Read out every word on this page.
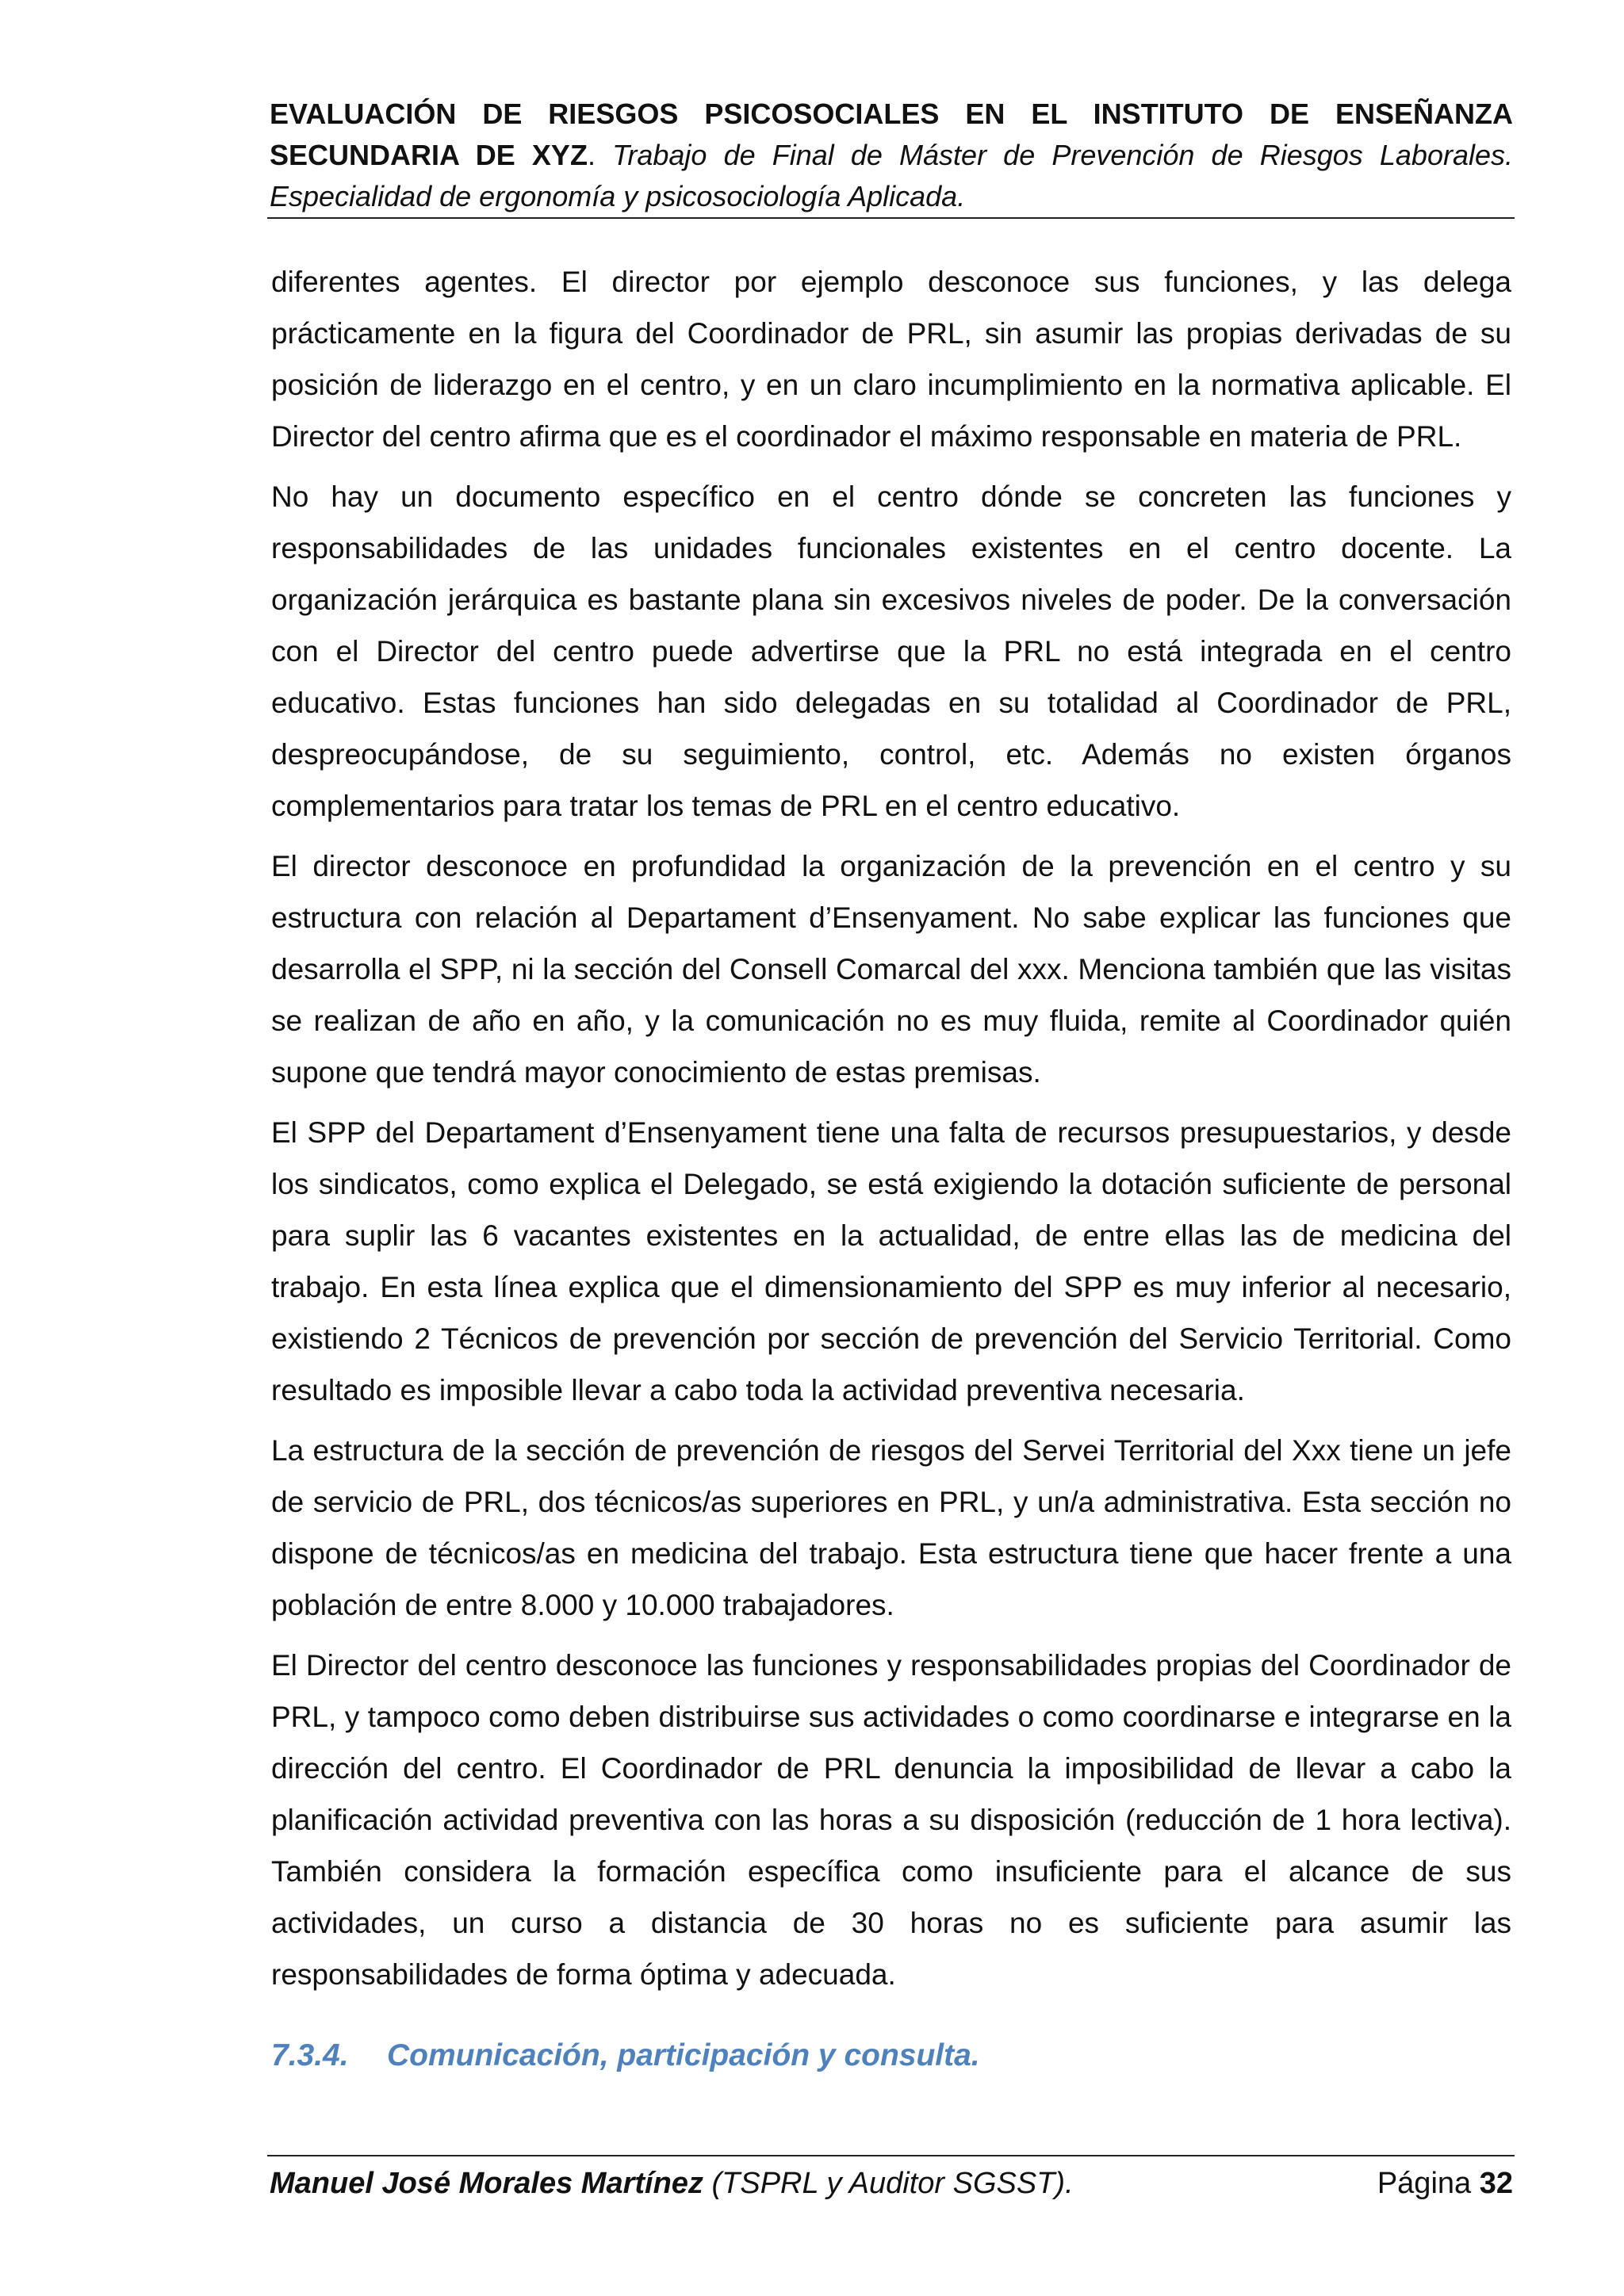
EVALUACIÓN DE RIESGOS PSICOSOCIALES EN EL INSTITUTO DE ENSEÑANZA SECUNDARIA DE XYZ. Trabajo de Final de Máster de Prevención de Riesgos Laborales. Especialidad de ergonomía y psicosociología Aplicada.

diferentes agentes. El director por ejemplo desconoce sus funciones, y las delega prácticamente en la figura del Coordinador de PRL, sin asumir las propias derivadas de su posición de liderazgo en el centro, y en un claro incumplimiento en la normativa aplicable. El Director del centro afirma que es el coordinador el máximo responsable en materia de PRL.

No hay un documento específico en el centro dónde se concreten las funciones y responsabilidades de las unidades funcionales existentes en el centro docente. La organización jerárquica es bastante plana sin excesivos niveles de poder. De la conversación con el Director del centro puede advertirse que la PRL no está integrada en el centro educativo. Estas funciones han sido delegadas en su totalidad al Coordinador de PRL, despreocupándose, de su seguimiento, control, etc. Además no existen órganos complementarios para tratar los temas de PRL en el centro educativo.

El director desconoce en profundidad la organización de la prevención en el centro y su estructura con relación al Departament d’Ensenyament. No sabe explicar las funciones que desarrolla el SPP, ni la sección del Consell Comarcal del xxx. Menciona también que las visitas se realizan de año en año, y la comunicación no es muy fluida, remite al Coordinador quién supone que tendrá mayor conocimiento de estas premisas.

El SPP del Departament d’Ensenyament tiene una falta de recursos presupuestarios, y desde los sindicatos, como explica el Delegado, se está exigiendo la dotación suficiente de personal para suplir las 6 vacantes existentes en la actualidad, de entre ellas las de medicina del trabajo. En esta línea explica que el dimensionamiento del SPP es muy inferior al necesario, existiendo 2 Técnicos de prevención por sección de prevención del Servicio Territorial. Como resultado es imposible llevar a cabo toda la actividad preventiva necesaria.

La estructura de la sección de prevención de riesgos del Servei Territorial del Xxx tiene un jefe de servicio de PRL, dos técnicos/as superiores en PRL, y un/a administrativa. Esta sección no dispone de técnicos/as en medicina del trabajo. Esta estructura tiene que hacer frente a una población de entre 8.000 y 10.000 trabajadores.

El Director del centro desconoce las funciones y responsabilidades propias del Coordinador de PRL, y tampoco como deben distribuirse sus actividades o como coordinarse e integrarse en la dirección del centro. El Coordinador de PRL denuncia la imposibilidad de llevar a cabo la planificación actividad preventiva con las horas a su disposición (reducción de 1 hora lectiva). También considera la formación específica como insuficiente para el alcance de sus actividades, un curso a distancia de 30 horas no es suficiente para asumir las responsabilidades de forma óptima y adecuada.

7.3.4. Comunicación, participación y consulta.
Manuel José Morales Martínez (TSPRL y Auditor SGSST).	Página 32
